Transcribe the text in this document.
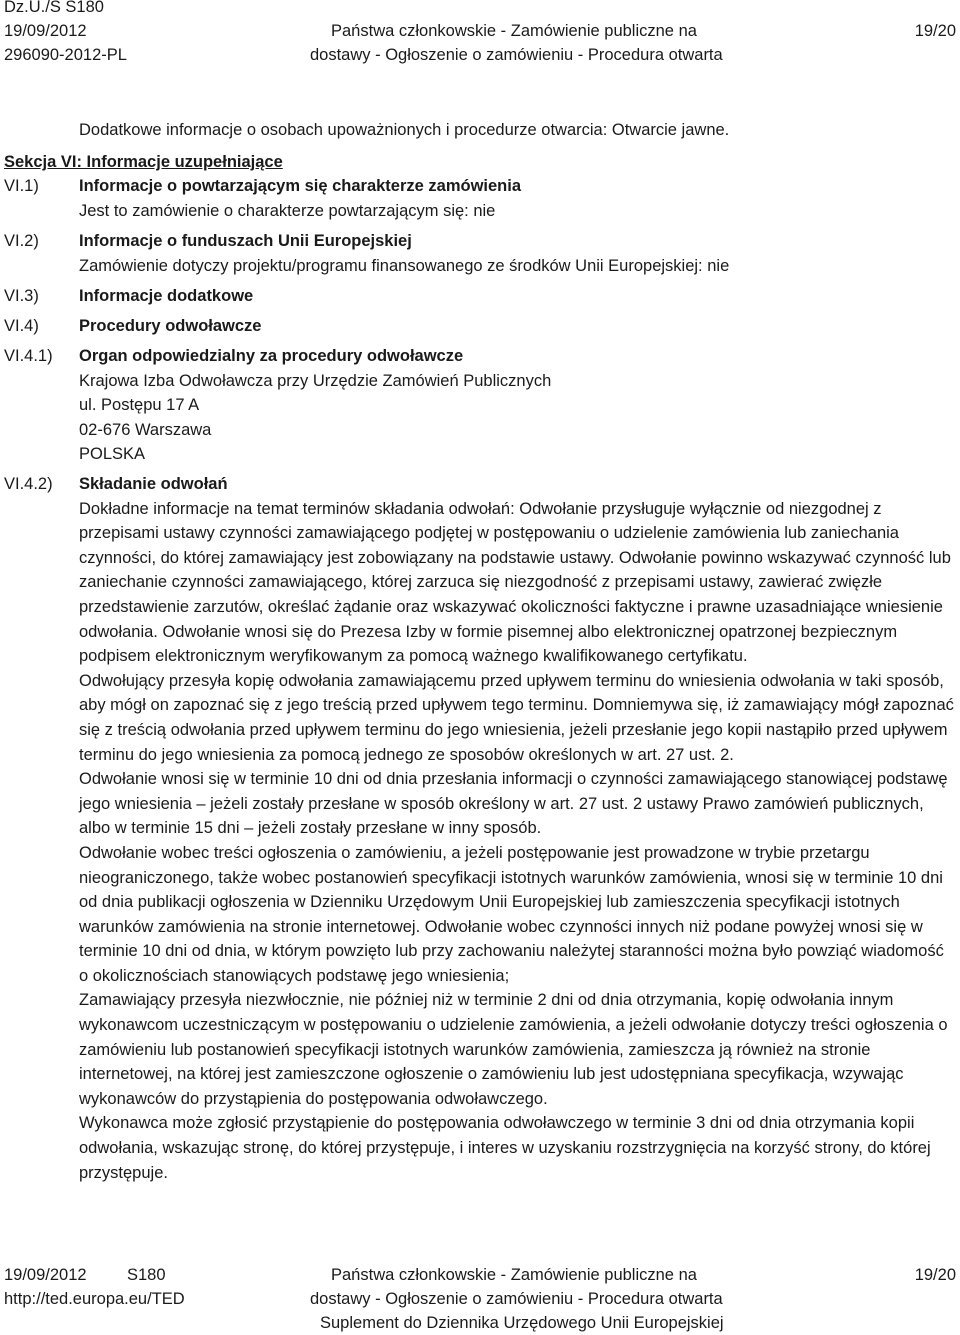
Dz.U./S S180
19/09/2012
296090-2012-PL
Państwa członkowskie - Zamówienie publiczne na
dostawy - Ogłoszenie o zamówieniu - Procedura otwarta
19/20
Dodatkowe informacje o osobach upoważnionych i procedurze otwarcia: Otwarcie jawne.
Sekcja VI: Informacje uzupełniające
VI.1)	Informacje o powtarzającym się charakterze zamówienia

Jest to zamówienie o charakterze powtarzającym się: nie

VI.2)	Informacje o funduszach Unii Europejskiej

Zamówienie dotyczy projektu/programu finansowanego ze środków Unii Europejskiej: nie

VI.3)	Informacje dodatkowe

VI.4)	Procedury odwoławcze

VI.4.1)	Organ odpowiedzialny za procedury odwoławcze

Krajowa Izba Odwoławcza przy Urzędzie Zamówień Publicznych

ul. Postępu 17 A

02-676 Warszawa

POLSKA

VI.4.2)	Składanie odwołań

Dokładne informacje na temat terminów składania odwołań: Odwołanie przysługuje wyłącznie od niezgodnej z przepisami ustawy czynności zamawiającego podjętej w postępowaniu o udzielenie zamówienia lub zaniechania czynności, do której zamawiający jest zobowiązany na podstawie ustawy. Odwołanie powinno wskazywać czynność lub zaniechanie czynności zamawiającego, której zarzuca się niezgodność z przepisami ustawy, zawierać zwięzłe przedstawienie zarzutów, określać żądanie oraz wskazywać okoliczności faktyczne i prawne uzasadniające wniesienie odwołania. Odwołanie wnosi się do Prezesa Izby w formie pisemnej albo elektronicznej opatrzonej bezpiecznym podpisem elektronicznym weryfikowanym za pomocą ważnego kwalifikowanego certyfikatu.

Odwołujący przesyła kopię odwołania zamawiającemu przed upływem terminu do wniesienia odwołania w taki sposób, aby mógł on zapoznać się z jego treścią przed upływem tego terminu. Domniemywa się, iż zamawiający mógł zapoznać się z treścią odwołania przed upływem terminu do jego wniesienia, jeżeli przesłanie jego kopii nastąpiło przed upływem terminu do jego wniesienia za pomocą jednego ze sposobów określonych w art. 27 ust. 2.

Odwołanie wnosi się w terminie 10 dni od dnia przesłania informacji o czynności zamawiającego stanowiącej podstawę jego wniesienia – jeżeli zostały przesłane w sposób określony w art. 27 ust. 2 ustawy Prawo zamówień publicznych, albo w terminie 15 dni – jeżeli zostały przesłane w inny sposób.

Odwołanie wobec treści ogłoszenia o zamówieniu, a jeżeli postępowanie jest prowadzone w trybie przetargu nieograniczonego, także wobec postanowień specyfikacji istotnych warunków zamówienia, wnosi się w terminie 10 dni od dnia publikacji ogłoszenia w Dzienniku Urzędowym Unii Europejskiej lub zamieszczenia specyfikacji istotnych warunków zamówienia na stronie internetowej. Odwołanie wobec czynności innych niż podane powyżej wnosi się w terminie 10 dni od dnia, w którym powzięto lub przy zachowaniu należytej staranności można było powziąć wiadomość o okolicznościach stanowiących podstawę jego wniesienia;

Zamawiający przesyła niezwłocznie, nie później niż w terminie 2 dni od dnia otrzymania, kopię odwołania innym wykonawcom uczestniczącym w postępowaniu o udzielenie zamówienia, a jeżeli odwołanie dotyczy treści ogłoszenia o zamówieniu lub postanowień specyfikacji istotnych warunków zamówienia, zamieszcza ją również na stronie internetowej, na której jest zamieszczone ogłoszenie o zamówieniu lub jest udostępniana specyfikacja, wzywając wykonawców do przystąpienia do postępowania odwoławczego.

Wykonawca może zgłosić przystąpienie do postępowania odwoławczego w terminie 3 dni od dnia otrzymania kopii odwołania, wskazując stronę, do której przystępuje, i interes w uzyskaniu rozstrzygnięcia na korzyść strony, do której przystępuje.

19/09/2012 S180
http://ted.europa.eu/TED
Państwa członkowskie - Zamówienie publiczne na
dostawy - Ogłoszenie o zamówieniu - Procedura otwarta
Suplement do Dziennika Urzędowego Unii Europejskiej
19/20
